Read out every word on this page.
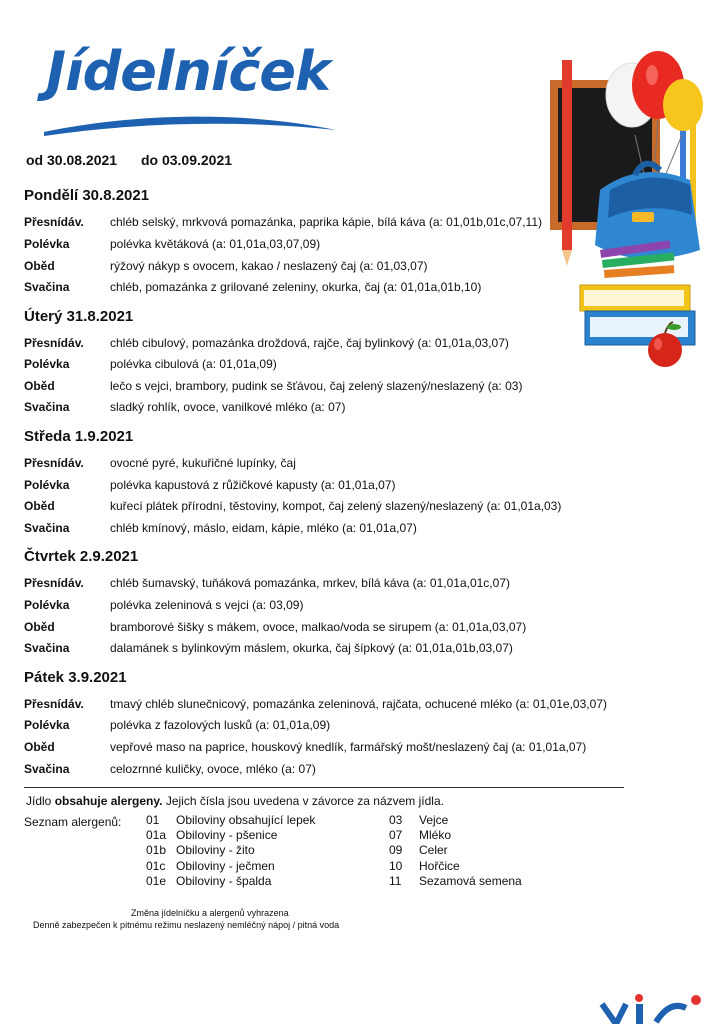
Jídelníček
od 30.08.2021 do 03.09.2021
Pondělí 30.8.2021
Přesnídáv. chléb selský, mrkvová pomazánka, paprika kápie, bílá káva (a: 01,01b,01c,07,11)
Polévka	polévka květáková (a: 01,01a,03,07,09)
Oběd	rýžový nákyp s ovocem, kakao / neslazený čaj (a: 01,03,07)
Svačina	chléb, pomazánka z grilované zeleniny, okurka, čaj (a: 01,01a,01b,10)
Úterý 31.8.2021
Přesnídáv. chléb cibulový, pomazánka droždová, rajče, čaj bylinkový (a: 01,01a,03,07)
Polévka	polévka cibulová (a: 01,01a,09)
Oběd	lečo s vejci, brambory, pudink se šťávou, čaj zelený slazený/neslazený (a: 03)
Svačina	sladký rohlík, ovoce, vanilkové mléko (a: 07)
Středa 1.9.2021
Přesnídáv. ovocné pyré, kukuřičné lupínky, čaj
Polévka	polévka kapustová z růžičkové kapusty (a: 01,01a,07)
Oběd	kuřecí plátek přírodní, těstoviny, kompot, čaj zelený slazený/neslazený (a: 01,01a,03)
Svačina	chléb kmínový, máslo, eidam, kápie, mléko (a: 01,01a,07)
Čtvrtek 2.9.2021
Přesnídáv. chléb šumavský, tuňáková pomazánka, mrkev, bílá káva (a: 01,01a,01c,07)
Polévka	polévka zeleninová s vejci (a: 03,09)
Oběd	bramborové šišky s mákem, ovoce, malkao/voda se sirupem (a: 01,01a,03,07)
Svačina	dalamánek s bylinkovým máslem, okurka, čaj šípkový (a: 01,01a,01b,03,07)
Pátek 3.9.2021
Přesnídáv. tmavý chléb slunečnicový, pomazánka zeleninová, rajčata, ochucené mléko (a: 01,01e,03,07)
Polévka	polévka z fazolových lusků (a: 01,01a,09)
Oběd	vepřové maso na paprice, houskový knedlík, farmářský mošt/neslazený čaj (a: 01,01a,07)
Svačina	celozrnné kuličky, ovoce, mléko (a: 07)
Jídlo obsahuje alergeny. Jejich čísla jsou uvedena v závorce za názvem jídla.
Seznam alergenů: 01 Obiloviny obsahující lepek
01a Obiloviny - pšenice
01b Obiloviny - žito
01c Obiloviny - ječmen
01e Obiloviny - špalda
03 Vejce
07 Mléko
09 Celer
10 Hořčice
11 Sezamová semena
Změna jídelníčku a alergenů vyhrazena
Denně zabezpečen k pitnému režimu neslazený nemléčný nápoj / pitná voda
